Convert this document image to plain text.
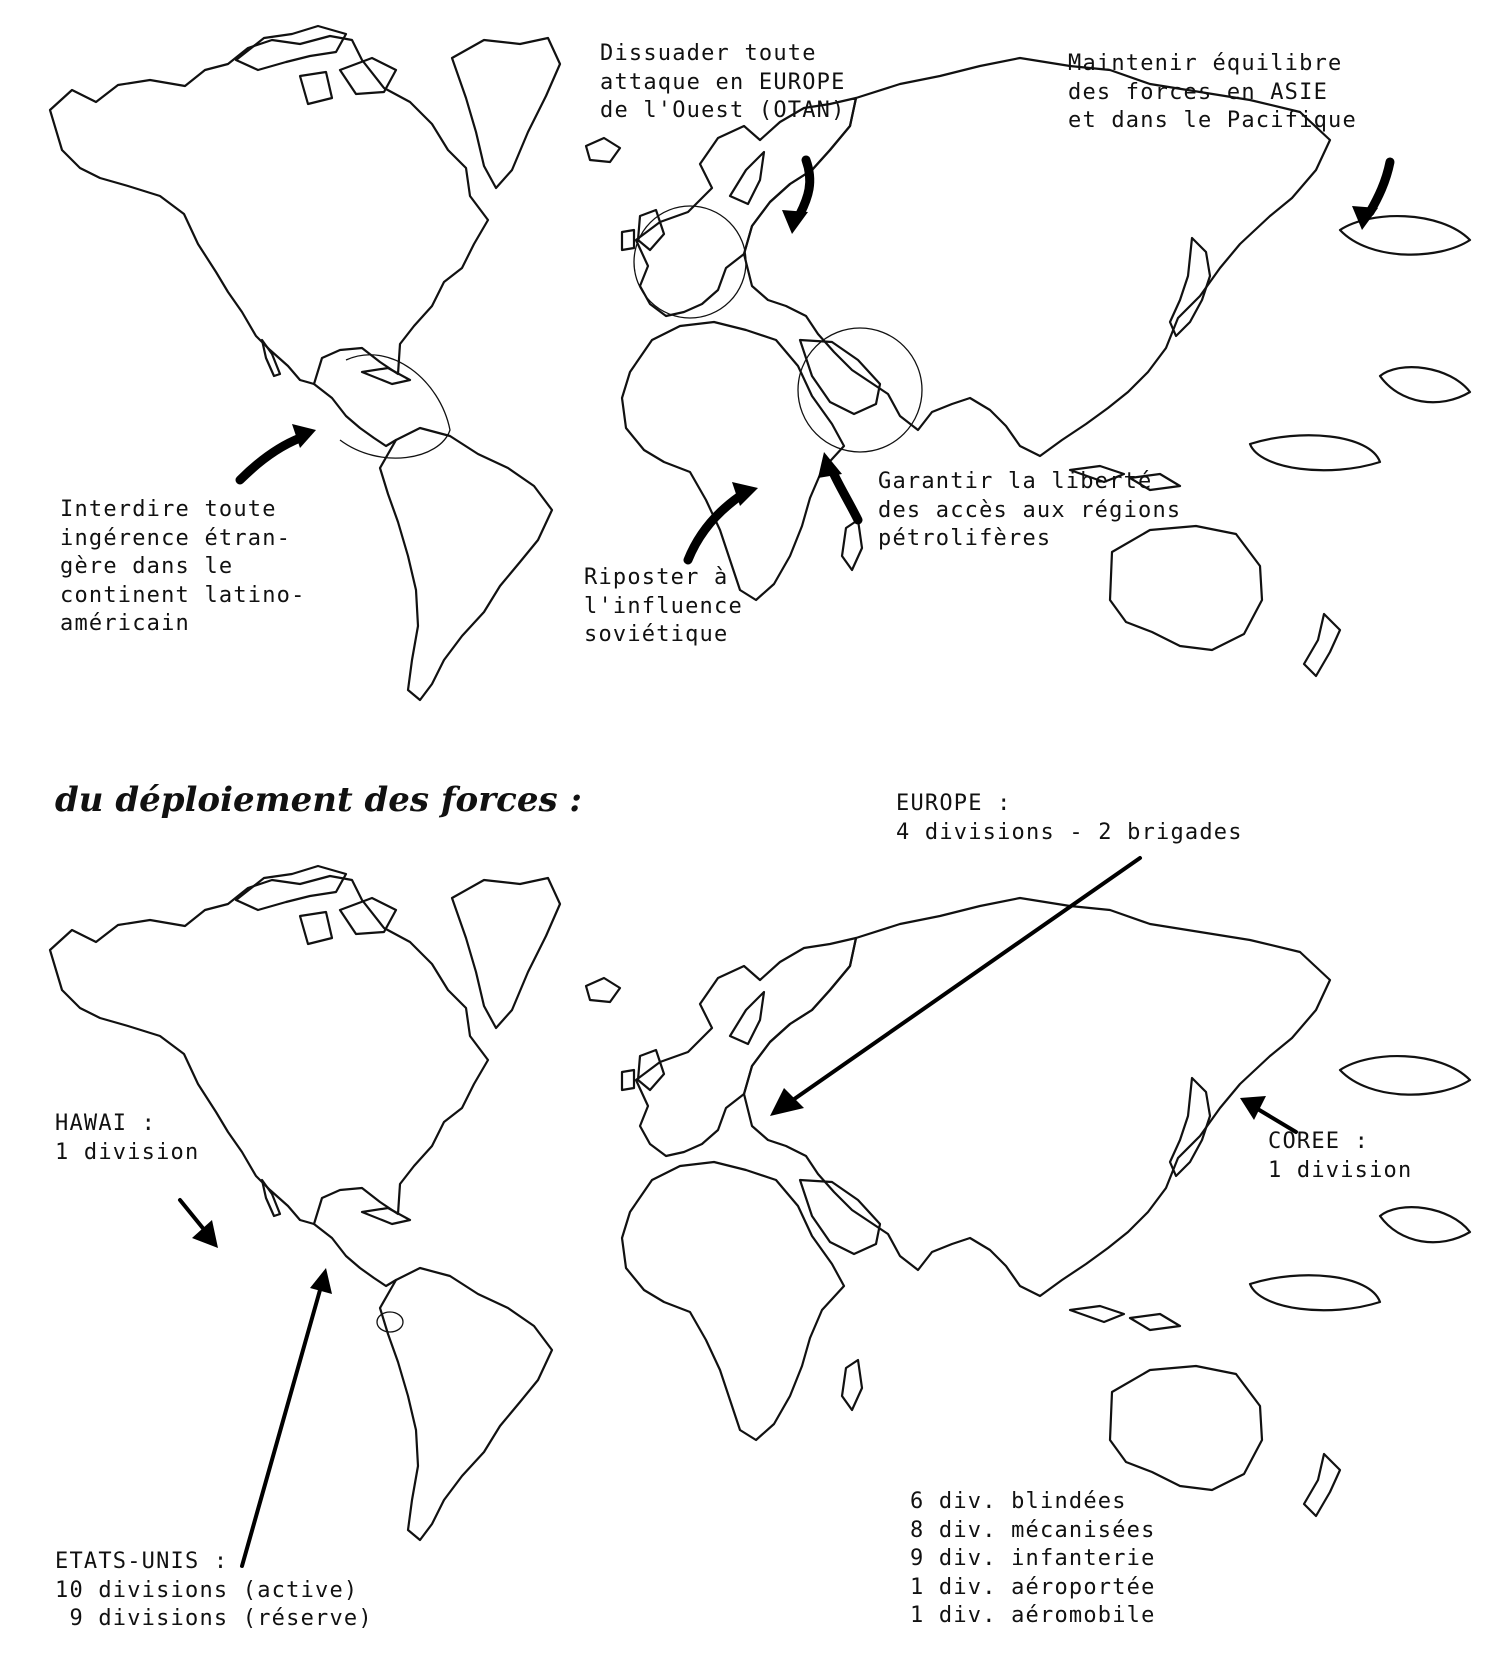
Dissuader toute
attaque en EUROPE
de l'Ouest (OTAN)

Maintenir équilibre
des forces en ASIE
et dans le Pacifique

Interdire toute
ingérence étran-
gère dans le
continent latino-
américain

Garantir la liberté
des accès aux régions
pétrolifères

Riposter à
l'influence
soviétique

du déploiement des forces :	EUROPE :
4 divisions - 2 brigades

HAWAI :
1 division	COREE :
1 division

ETATS-UNIS :
10 divisions (active)
9 divisions (réserve)

6 div. blindées

8 div. mécanisées

9 div. infanterie

1 div. aéroportée

1 div. aéromobile
